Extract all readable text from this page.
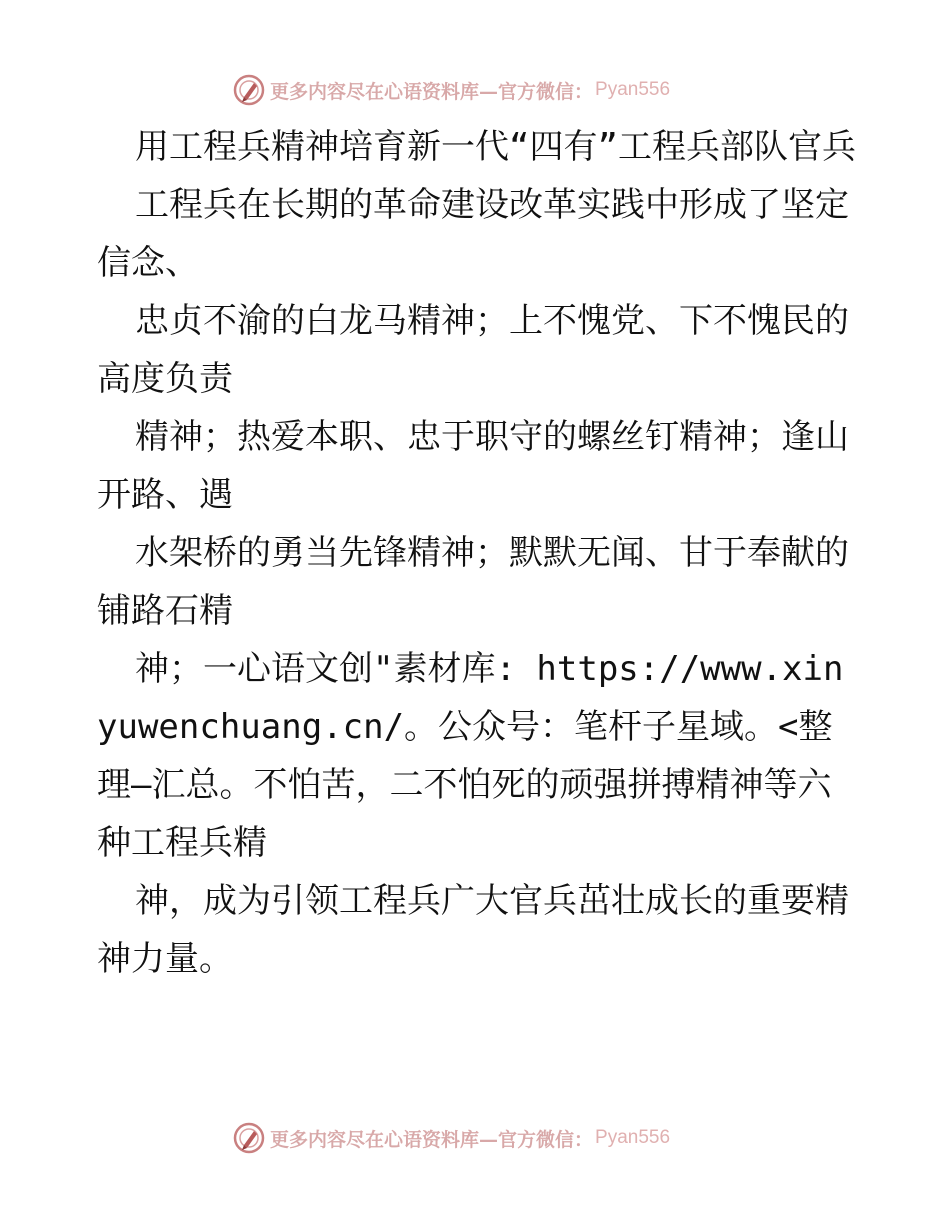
更多内容尽在心语资料库—官方微信： Pyan556

用工程兵精神培育新一代“四有”工程兵部队官兵

工程兵在长期的革命建设改革实践中形成了坚定信念、

忠贞不渝的白龙马精神；上不愧党、下不愧民的高度负责

精神；热爱本职、忠于职守的螺丝钉精神；逢山开路、遇

水架桥的勇当先锋精神；默默无闻、甘于奉献的铺路石精

神；一心语文创"素材库: https://www.xinyuwenchuang.cn/。公众号：笔杆子星域。<整理—汇总。不怕苦，二不怕死的顽强拼搏精神等六种工程兵精

神，成为引领工程兵广大官兵茁壮成长的重要精神力量。

更多内容尽在心语资料库—官方微信： Pyan556
